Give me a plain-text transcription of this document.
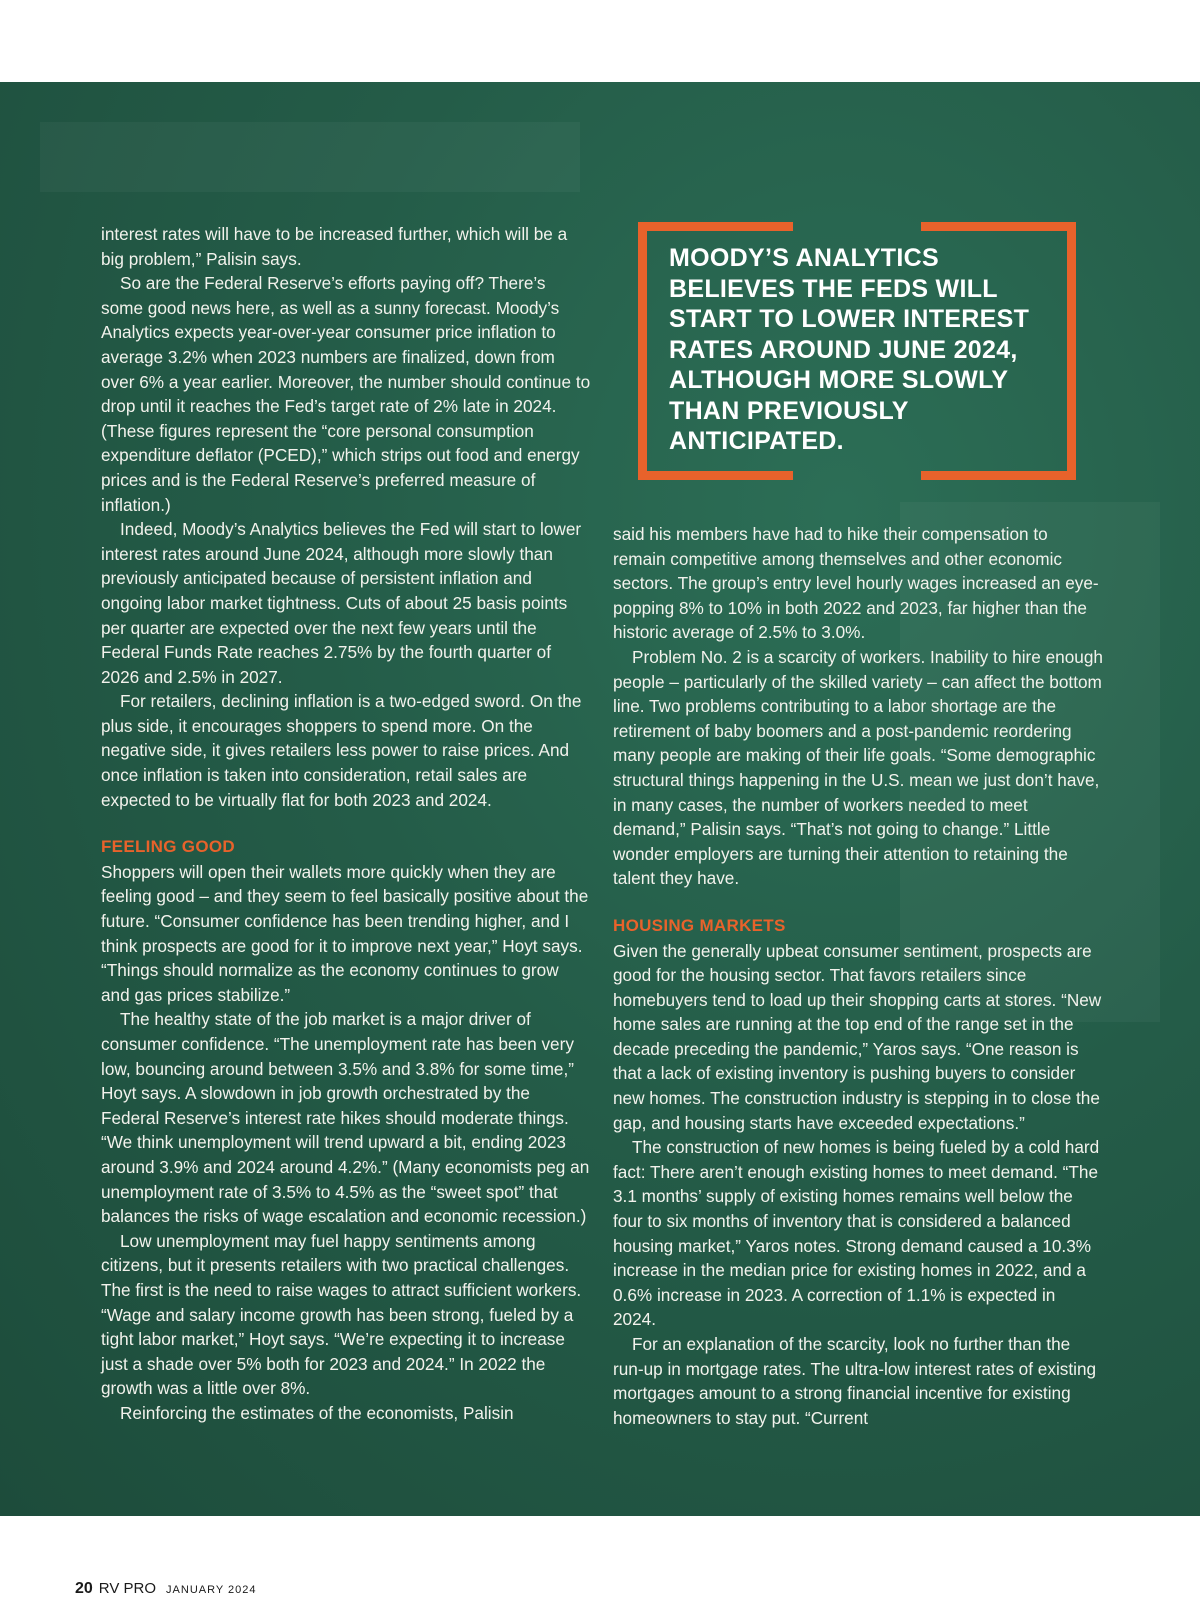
interest rates will have to be increased further, which will be a big problem,” Palisin says.

So are the Federal Reserve’s efforts paying off? There’s some good news here, as well as a sunny forecast. Moody’s Analytics expects year-over-year consumer price inflation to average 3.2% when 2023 numbers are finalized, down from over 6% a year earlier. Moreover, the number should continue to drop until it reaches the Fed’s target rate of 2% late in 2024. (These figures represent the “core personal consumption expenditure deflator (PCED),” which strips out food and energy prices and is the Federal Reserve’s preferred measure of inflation.)

Indeed, Moody’s Analytics believes the Fed will start to lower interest rates around June 2024, although more slowly than previously anticipated because of persistent inflation and ongoing labor market tightness. Cuts of about 25 basis points per quarter are expected over the next few years until the Federal Funds Rate reaches 2.75% by the fourth quarter of 2026 and 2.5% in 2027.

For retailers, declining inflation is a two-edged sword. On the plus side, it encourages shoppers to spend more. On the negative side, it gives retailers less power to raise prices. And once inflation is taken into consideration, retail sales are expected to be virtually flat for both 2023 and 2024.

FEELING GOOD

Shoppers will open their wallets more quickly when they are feeling good – and they seem to feel basically positive about the future. “Consumer confidence has been trending higher, and I think prospects are good for it to improve next year,” Hoyt says. “Things should normalize as the economy continues to grow and gas prices stabilize.”

The healthy state of the job market is a major driver of consumer confidence. “The unemployment rate has been very low, bouncing around between 3.5% and 3.8% for some time,” Hoyt says. A slowdown in job growth orchestrated by the Federal Reserve’s interest rate hikes should moderate things. “We think unemployment will trend upward a bit, ending 2023 around 3.9% and 2024 around 4.2%.” (Many economists peg an unemployment rate of 3.5% to 4.5% as the “sweet spot” that balances the risks of wage escalation and economic recession.)

Low unemployment may fuel happy sentiments among citizens, but it presents retailers with two practical challenges. The first is the need to raise wages to attract sufficient workers. “Wage and salary income growth has been strong, fueled by a tight labor market,” Hoyt says. “We’re expecting it to increase just a shade over 5% both for 2023 and 2024.” In 2022 the growth was a little over 8%.

Reinforcing the estimates of the economists, Palisin

MOODY’S ANALYTICS BELIEVES THE FEDS WILL START TO LOWER INTEREST RATES AROUND JUNE 2024, ALTHOUGH MORE SLOWLY THAN PREVIOUSLY ANTICIPATED.

said his members have had to hike their compensation to remain competitive among themselves and other economic sectors. The group’s entry level hourly wages increased an eye-popping 8% to 10% in both 2022 and 2023, far higher than the historic average of 2.5% to 3.0%.

Problem No. 2 is a scarcity of workers. Inability to hire enough people – particularly of the skilled variety – can affect the bottom line. Two problems contributing to a labor shortage are the retirement of baby boomers and a post-pandemic reordering many people are making of their life goals. “Some demographic structural things happening in the U.S. mean we just don’t have, in many cases, the number of workers needed to meet demand,” Palisin says. “That’s not going to change.” Little wonder employers are turning their attention to retaining the talent they have.

HOUSING MARKETS

Given the generally upbeat consumer sentiment, prospects are good for the housing sector. That favors retailers since homebuyers tend to load up their shopping carts at stores. “New home sales are running at the top end of the range set in the decade preceding the pandemic,” Yaros says. “One reason is that a lack of existing inventory is pushing buyers to consider new homes. The construction industry is stepping in to close the gap, and housing starts have exceeded expectations.”

The construction of new homes is being fueled by a cold hard fact: There aren’t enough existing homes to meet demand. “The 3.1 months’ supply of existing homes remains well below the four to six months of inventory that is considered a balanced housing market,” Yaros notes. Strong demand caused a 10.3% increase in the median price for existing homes in 2022, and a 0.6% increase in 2023. A correction of 1.1% is expected in 2024.

For an explanation of the scarcity, look no further than the run-up in mortgage rates. The ultra-low interest rates of existing mortgages amount to a strong financial incentive for existing homeowners to stay put. “Current

20 RV PRO JANUARY 2024
